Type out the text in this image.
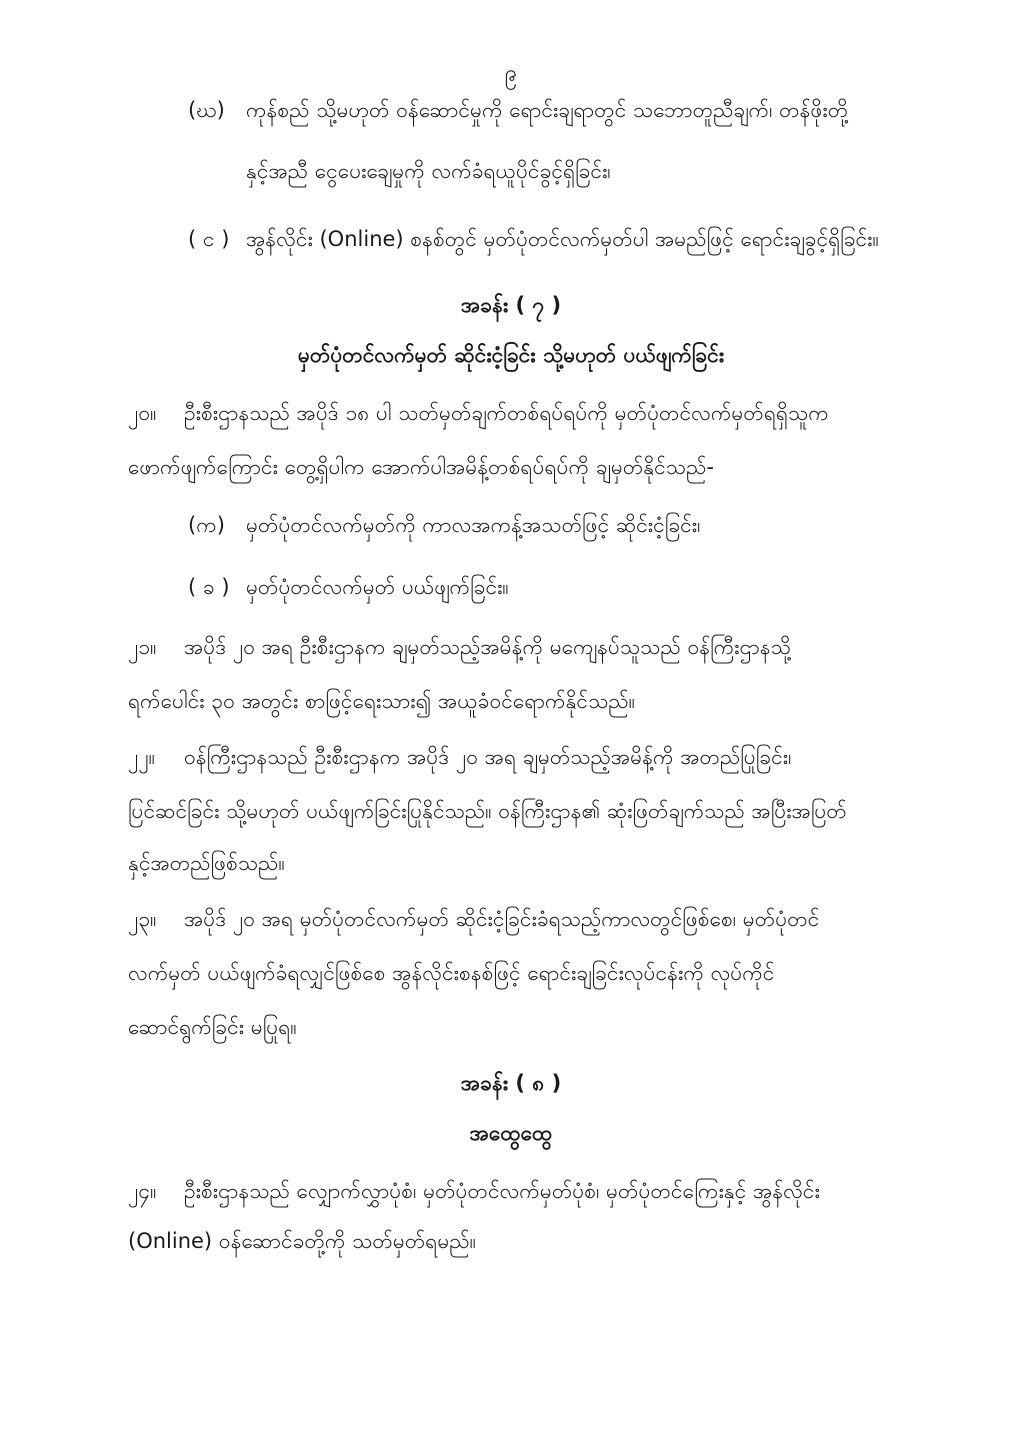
၉
(ဃ) ကုန်စည် သို့မဟုတ် ဝန်ဆောင်မှုကို ရောင်းချရာတွင် သဘောတူညီချက်၊ တန်ဖိုးတို့
နှင့်အညီ ငွေပေးချေမှုကို လက်ခံရယူပိုင်ခွင့်ရှိခြင်း၊
( င ) အွန်လိုင်း (Online) စနစ်တွင် မှတ်ပုံတင်လက်မှတ်ပါ အမည်ဖြင့် ရောင်းချခွင့်ရှိခြင်း။
အခန်း ( ၇ )
မှတ်ပုံတင်လက်မှတ် ဆိုင်းငံ့ခြင်း သို့မဟုတ် ပယ်ဖျက်ခြင်း
၂၀။ ဦးစီးဌာနသည် အပိုဒ် ၁၈ ပါ သတ်မှတ်ချက်တစ်ရပ်ရပ်ကို မှတ်ပုံတင်လက်မှတ်ရရှိသူက
ဖောက်ဖျက်ကြောင်း တွေ့ရှိပါက အောက်ပါအမိန့်တစ်ရပ်ရပ်ကို ချမှတ်နိုင်သည်-
(က) မှတ်ပုံတင်လက်မှတ်ကို ကာလအကန့်အသတ်ဖြင့် ဆိုင်းငံ့ခြင်း၊
( ခ ) မှတ်ပုံတင်လက်မှတ် ပယ်ဖျက်ခြင်း။
၂၁။ အပိုဒ် ၂၀ အရ ဦးစီးဌာနက ချမှတ်သည့်အမိန့်ကို မကျေနပ်သူသည် ဝန်ကြီးဌာနသို့
ရက်ပေါင်း ၃၀ အတွင်း စာဖြင့်ရေးသား၍ အယူခံဝင်ရောက်နိုင်သည်။
၂၂။ ဝန်ကြီးဌာနသည် ဦးစီးဌာနက အပိုဒ် ၂၀ အရ ချမှတ်သည့်အမိန့်ကို အတည်ပြုခြင်း၊
ပြင်ဆင်ခြင်း သို့မဟုတ် ပယ်ဖျက်ခြင်းပြုနိုင်သည်။ ဝန်ကြီးဌာန၏ ဆုံးဖြတ်ချက်သည် အပြီးအပြတ်
နှင့်အတည်ဖြစ်သည်။
၂၃။ အပိုဒ် ၂၀ အရ မှတ်ပုံတင်လက်မှတ် ဆိုင်းငံ့ခြင်းခံရသည့်ကာလတွင်ဖြစ်စေ၊ မှတ်ပုံတင်
လက်မှတ် ပယ်ဖျက်ခံရလျှင်ဖြစ်စေ အွန်လိုင်းစနစ်ဖြင့် ရောင်းချခြင်းလုပ်ငန်းကို လုပ်ကိုင်
ဆောင်ရွက်ခြင်း မပြုရ။
အခန်း ( ၈ )
အထွေထွေ
၂၄။ ဦးစီးဌာနသည် လျှောက်လွှာပုံစံ၊ မှတ်ပုံတင်လက်မှတ်ပုံစံ၊ မှတ်ပုံတင်ကြေးနှင့် အွန်လိုင်း
(Online) ဝန်ဆောင်ခတို့ကို သတ်မှတ်ရမည်။
